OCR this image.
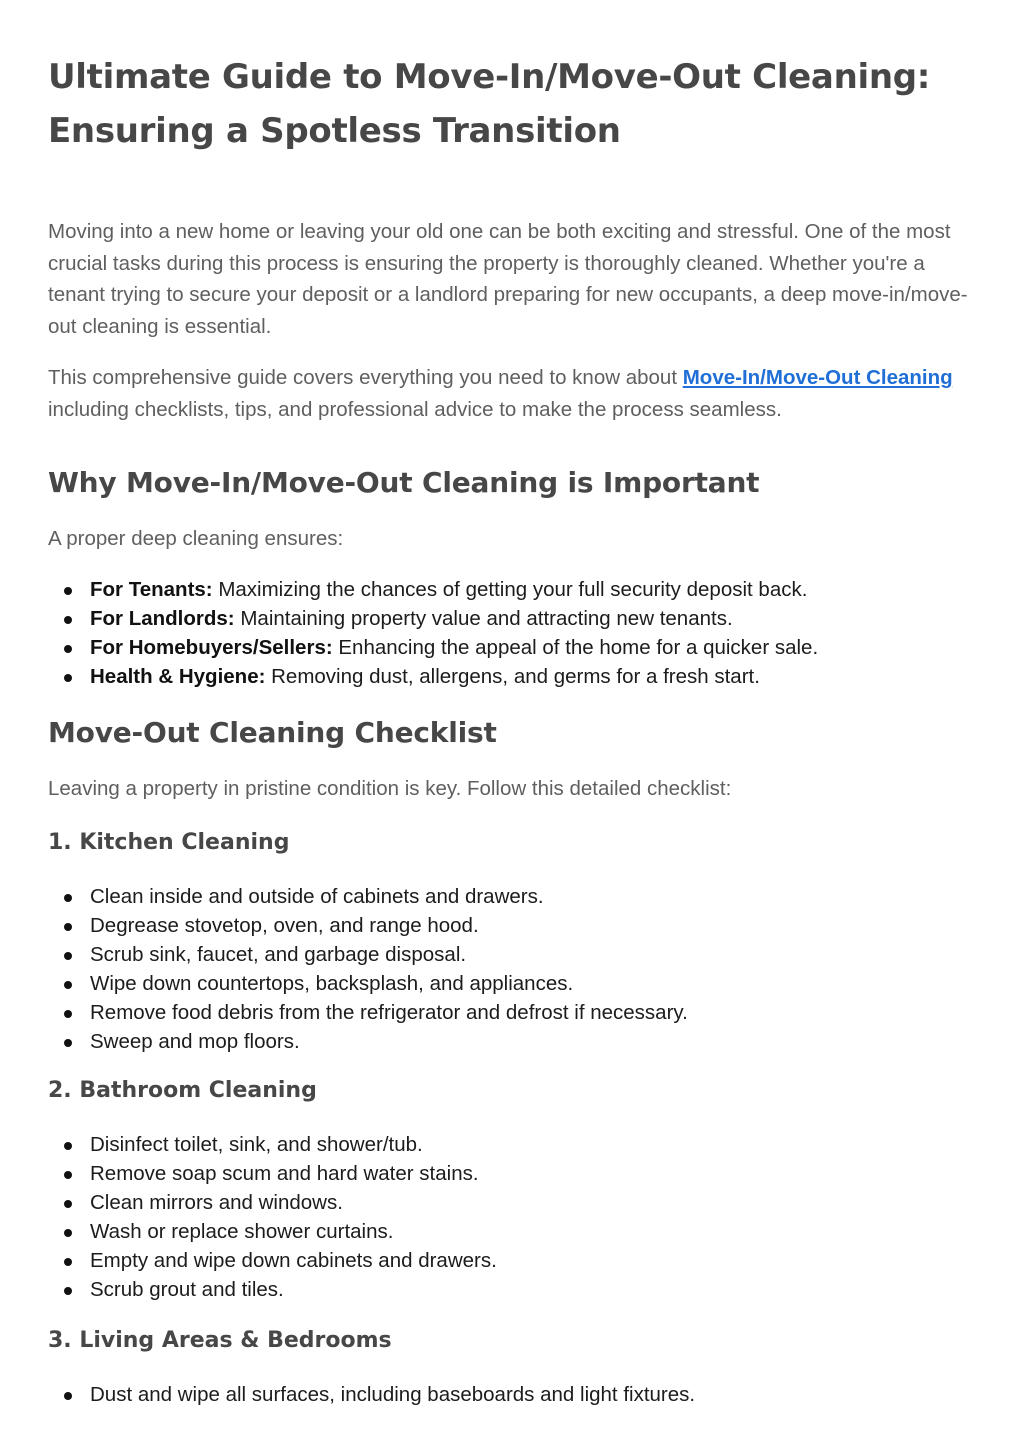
Ultimate Guide to Move-In/Move-Out Cleaning: Ensuring a Spotless Transition

Moving into a new home or leaving your old one can be both exciting and stressful. One of the most crucial tasks during this process is ensuring the property is thoroughly cleaned. Whether you're a tenant trying to secure your deposit or a landlord preparing for new occupants, a deep move-in/move-out cleaning is essential.

This comprehensive guide covers everything you need to know about Move-In/Move-Out Cleaning including checklists, tips, and professional advice to make the process seamless.

Why Move-In/Move-Out Cleaning is Important

A proper deep cleaning ensures:

For Tenants: Maximizing the chances of getting your full security deposit back.
For Landlords: Maintaining property value and attracting new tenants.
For Homebuyers/Sellers: Enhancing the appeal of the home for a quicker sale.
Health & Hygiene: Removing dust, allergens, and germs for a fresh start.
Move-Out Cleaning Checklist

Leaving a property in pristine condition is key. Follow this detailed checklist:

1. Kitchen Cleaning
Clean inside and outside of cabinets and drawers.
Degrease stovetop, oven, and range hood.
Scrub sink, faucet, and garbage disposal.
Wipe down countertops, backsplash, and appliances.
Remove food debris from the refrigerator and defrost if necessary.
Sweep and mop floors.
2. Bathroom Cleaning
Disinfect toilet, sink, and shower/tub.
Remove soap scum and hard water stains.
Clean mirrors and windows.
Wash or replace shower curtains.
Empty and wipe down cabinets and drawers.
Scrub grout and tiles.
3. Living Areas & Bedrooms
Dust and wipe all surfaces, including baseboards and light fixtures.
